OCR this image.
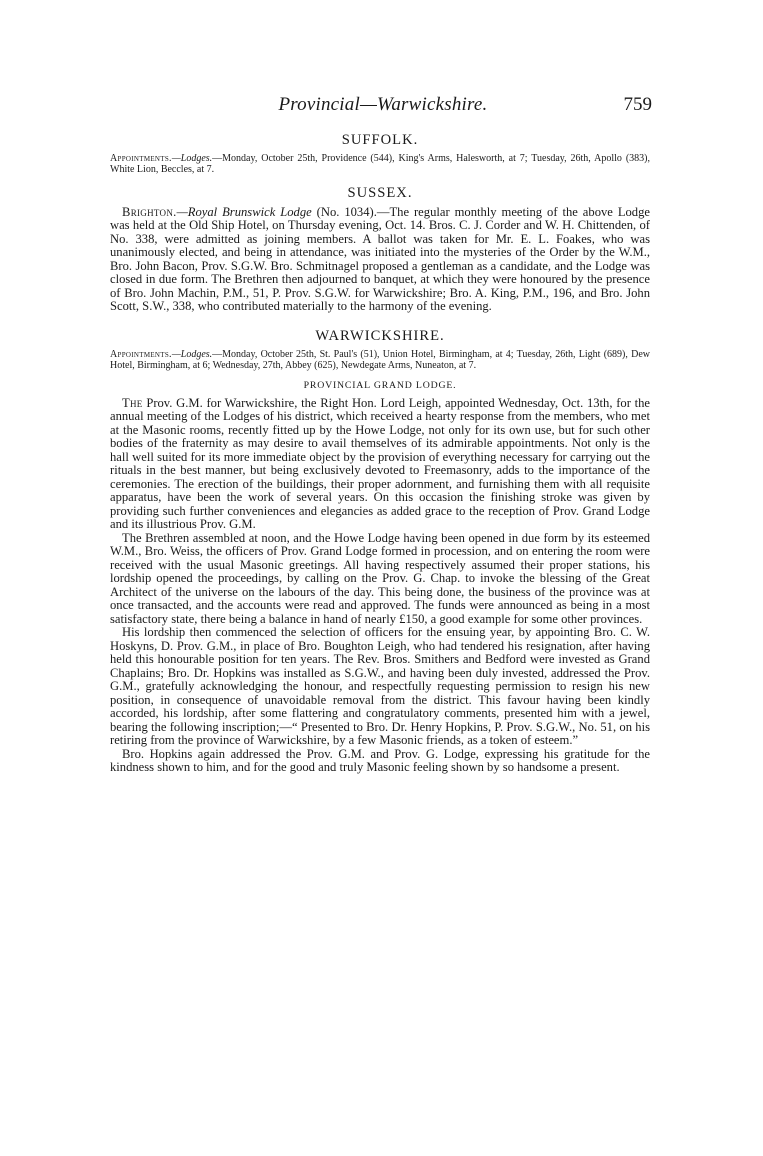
Provincial—Warwickshire.	759
SUFFOLK.

Appointments.—Lodges.—Monday, October 25th, Providence (544), King's Arms, Halesworth, at 7; Tuesday, 26th, Apollo (383), White Lion, Beccles, at 7.

SUSSEX.

Brighton.—Royal Brunswick Lodge (No. 1034).—The regular monthly meeting of the above Lodge was held at the Old Ship Hotel, on Thursday evening, Oct. 14. Bros. C. J. Corder and W. H. Chittenden, of No. 338, were admitted as joining members. A ballot was taken for Mr. E. L. Foakes, who was unanimously elected, and being in attendance, was initiated into the mysteries of the Order by the W.M., Bro. John Bacon, Prov. S.G.W. Bro. Schmitnagel proposed a gentleman as a candidate, and the Lodge was closed in due form. The Brethren then adjourned to banquet, at which they were honoured by the presence of Bro. John Machin, P.M., 51, P. Prov. S.G.W. for Warwickshire; Bro. A. King, P.M., 196, and Bro. John Scott, S.W., 338, who contributed materially to the harmony of the evening.

WARWICKSHIRE.

Appointments.—Lodges.—Monday, October 25th, St. Paul's (51), Union Hotel, Birmingham, at 4; Tuesday, 26th, Light (689), Dew Hotel, Birmingham, at 6; Wednesday, 27th, Abbey (625), Newdegate Arms, Nuneaton, at 7.

PROVINCIAL GRAND LODGE.

The Prov. G.M. for Warwickshire, the Right Hon. Lord Leigh, appointed Wednesday, Oct. 13th, for the annual meeting of the Lodges of his district, which received a hearty response from the members, who met at the Masonic rooms, recently fitted up by the Howe Lodge, not only for its own use, but for such other bodies of the fraternity as may desire to avail themselves of its admirable appointments. Not only is the hall well suited for its more immediate object by the provision of everything necessary for carrying out the rituals in the best manner, but being exclusively devoted to Freemasonry, adds to the importance of the ceremonies. The erection of the buildings, their proper adornment, and furnishing them with all requisite apparatus, have been the work of several years. On this occasion the finishing stroke was given by providing such further conveniences and elegancies as added grace to the reception of Prov. Grand Lodge and its illustrious Prov. G.M.

The Brethren assembled at noon, and the Howe Lodge having been opened in due form by its esteemed W.M., Bro. Weiss, the officers of Prov. Grand Lodge formed in procession, and on entering the room were received with the usual Masonic greetings. All having respectively assumed their proper stations, his lordship opened the proceedings, by calling on the Prov. G. Chap. to invoke the blessing of the Great Architect of the universe on the labours of the day. This being done, the business of the province was at once transacted, and the accounts were read and approved. The funds were announced as being in a most satisfactory state, there being a balance in hand of nearly £150, a good example for some other provinces.

His lordship then commenced the selection of officers for the ensuing year, by appointing Bro. C. W. Hoskyns, D. Prov. G.M., in place of Bro. Boughton Leigh, who had tendered his resignation, after having held this honourable position for ten years. The Rev. Bros. Smithers and Bedford were invested as Grand Chaplains; Bro. Dr. Hopkins was installed as S.G.W., and having been duly invested, addressed the Prov. G.M., gratefully acknowledging the honour, and respectfully requesting permission to resign his new position, in consequence of unavoidable removal from the district. This favour having been kindly accorded, his lordship, after some flattering and congratulatory comments, presented him with a jewel, bearing the following inscription;—“ Presented to Bro. Dr. Henry Hopkins, P. Prov. S.G.W., No. 51, on his retiring from the province of Warwickshire, by a few Masonic friends, as a token of esteem.”

Bro. Hopkins again addressed the Prov. G.M. and Prov. G. Lodge, expressing his gratitude for the kindness shown to him, and for the good and truly Masonic feeling shown by so handsome a present.
